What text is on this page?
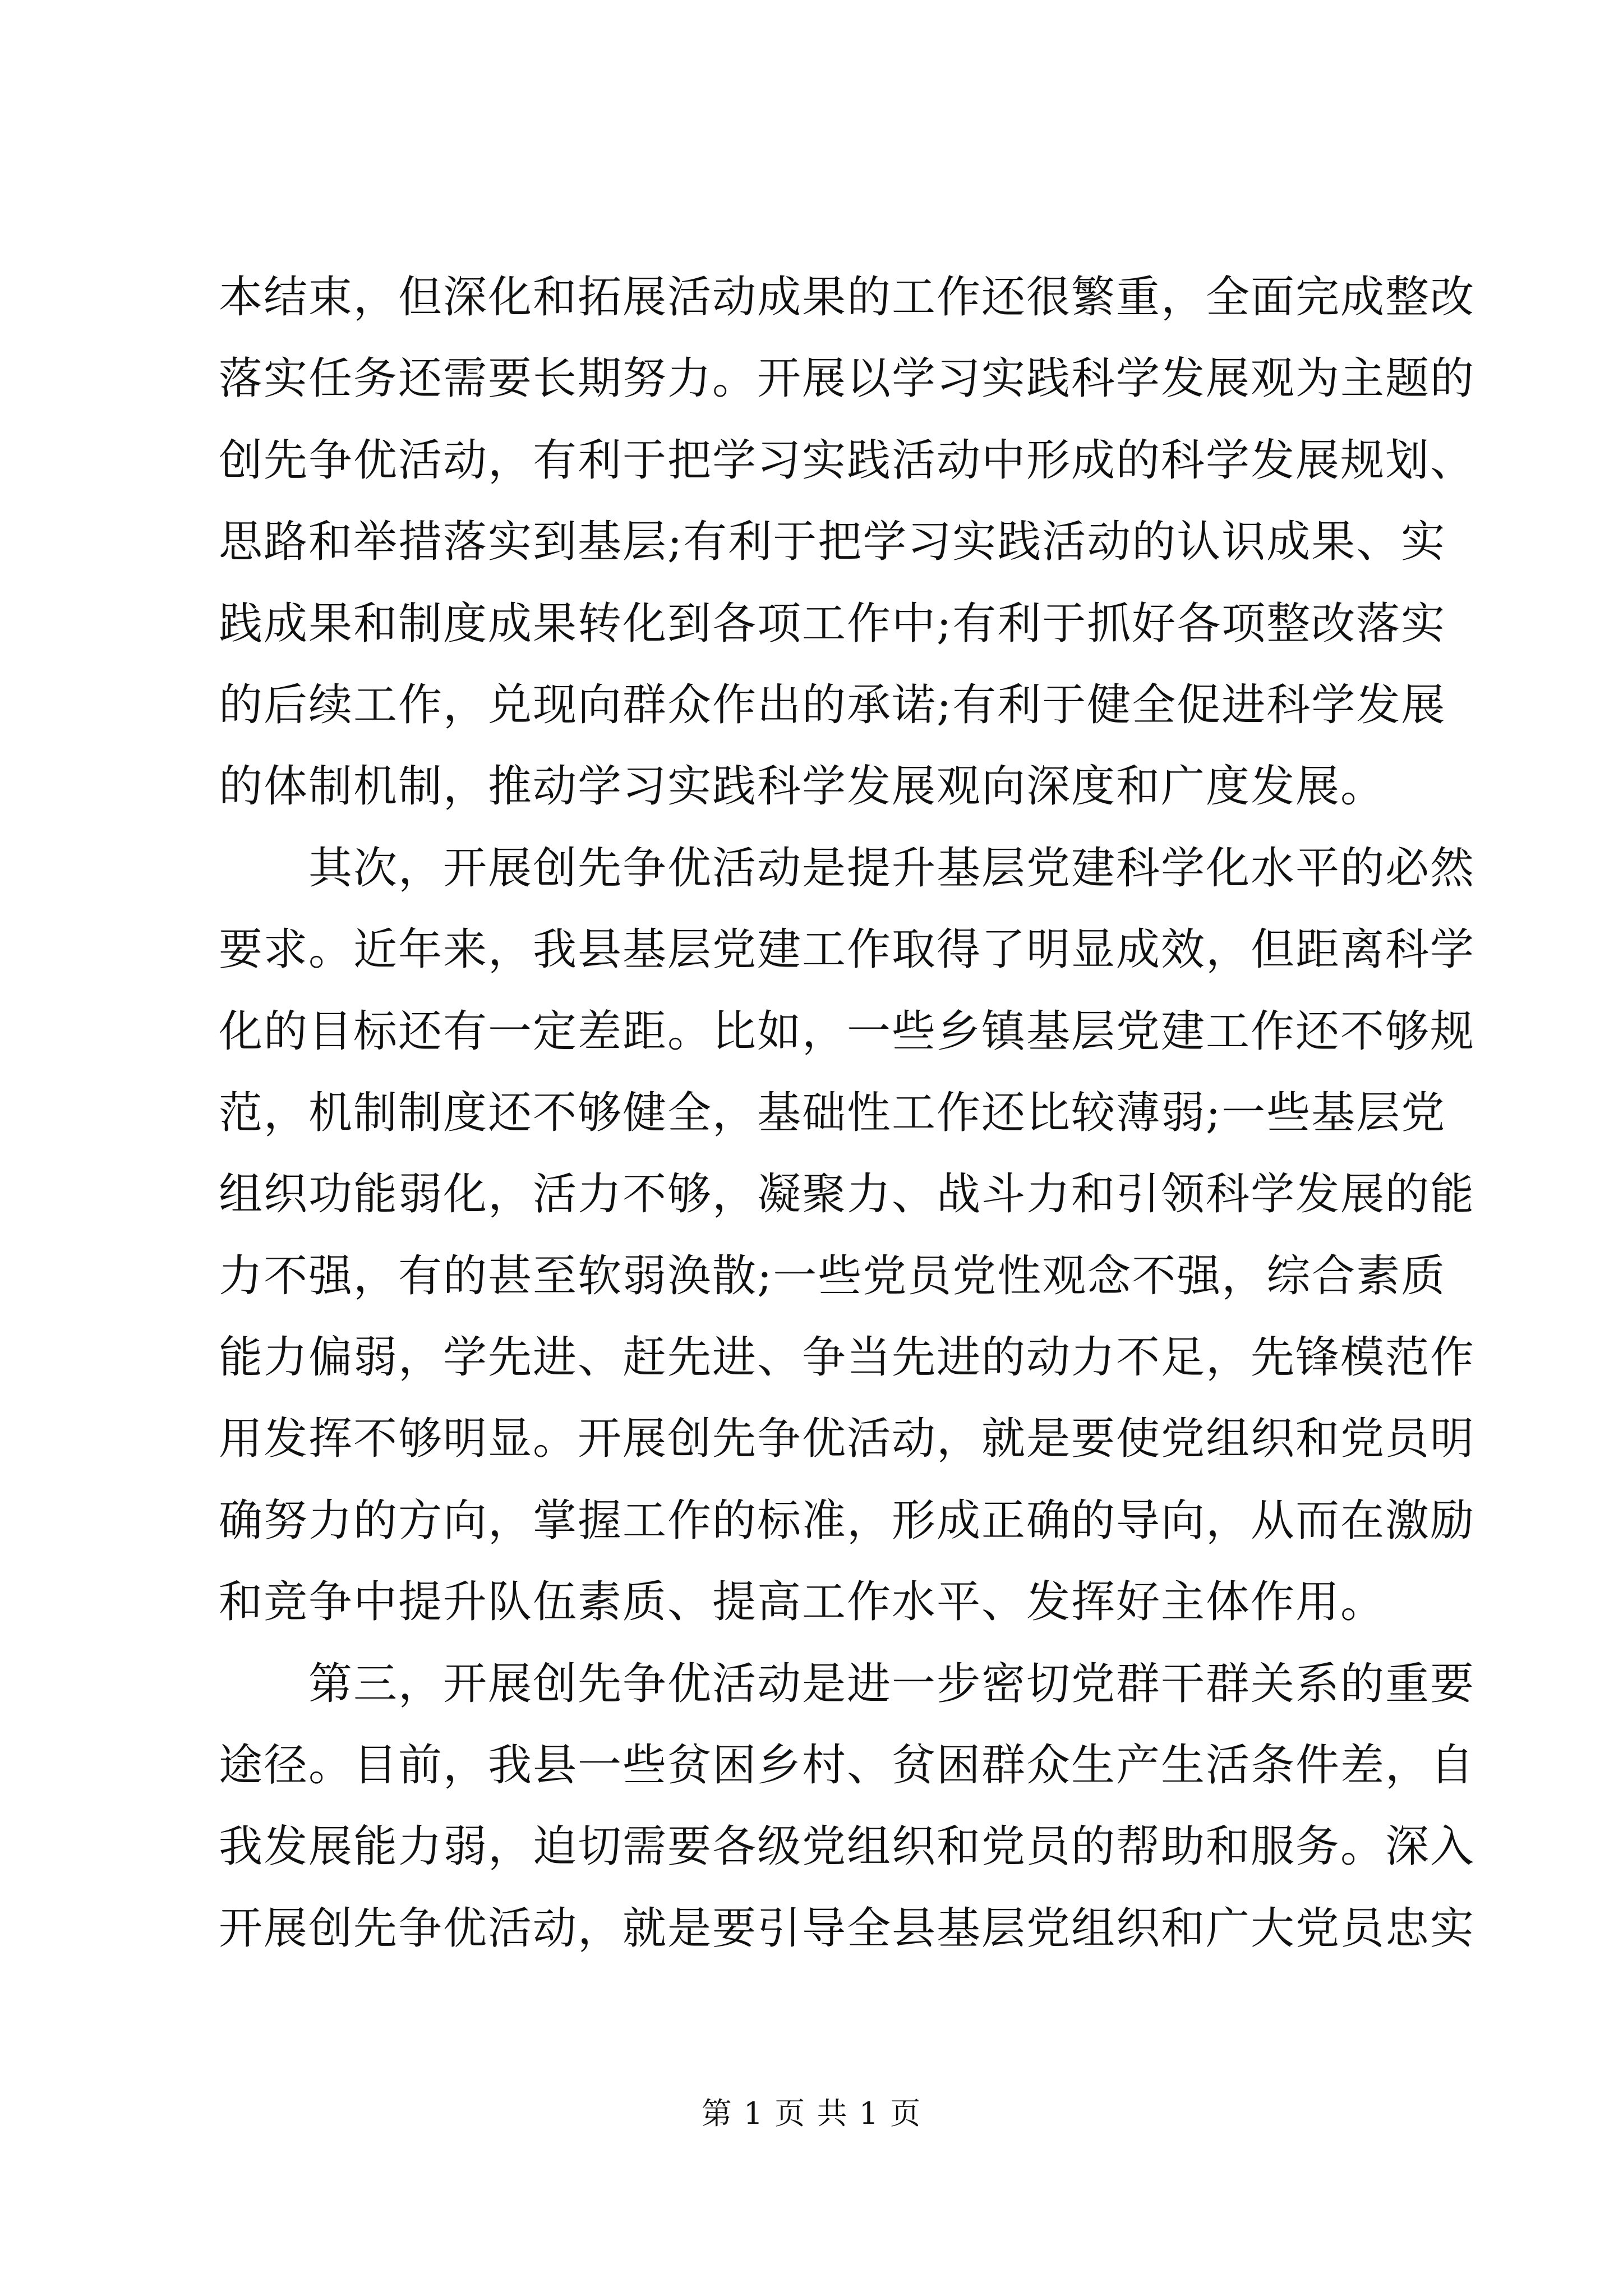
本结束，但深化和拓展活动成果的工作还很繁重，全面完成整改
落实任务还需要长期努力。开展以学习实践科学发展观为主题的
创先争优活动，有利于把学习实践活动中形成的科学发展规划、
思路和举措落实到基层;有利于把学习实践活动的认识成果、实
践成果和制度成果转化到各项工作中;有利于抓好各项整改落实
的后续工作，兑现向群众作出的承诺;有利于健全促进科学发展
的体制机制，推动学习实践科学发展观向深度和广度发展。
　　其次，开展创先争优活动是提升基层党建科学化水平的必然
要求。近年来，我县基层党建工作取得了明显成效，但距离科学
化的目标还有一定差距。比如，一些乡镇基层党建工作还不够规
范，机制制度还不够健全，基础性工作还比较薄弱;一些基层党
组织功能弱化，活力不够，凝聚力、战斗力和引领科学发展的能
力不强，有的甚至软弱涣散;一些党员党性观念不强，综合素质
能力偏弱，学先进、赶先进、争当先进的动力不足，先锋模范作
用发挥不够明显。开展创先争优活动，就是要使党组织和党员明
确努力的方向，掌握工作的标准，形成正确的导向，从而在激励
和竞争中提升队伍素质、提高工作水平、发挥好主体作用。
　　第三，开展创先争优活动是进一步密切党群干群关系的重要
途径。目前，我县一些贫困乡村、贫困群众生产生活条件差，自
我发展能力弱，迫切需要各级党组织和党员的帮助和服务。深入
开展创先争优活动，就是要引导全县基层党组织和广大党员忠实
第 1 页 共 1 页
